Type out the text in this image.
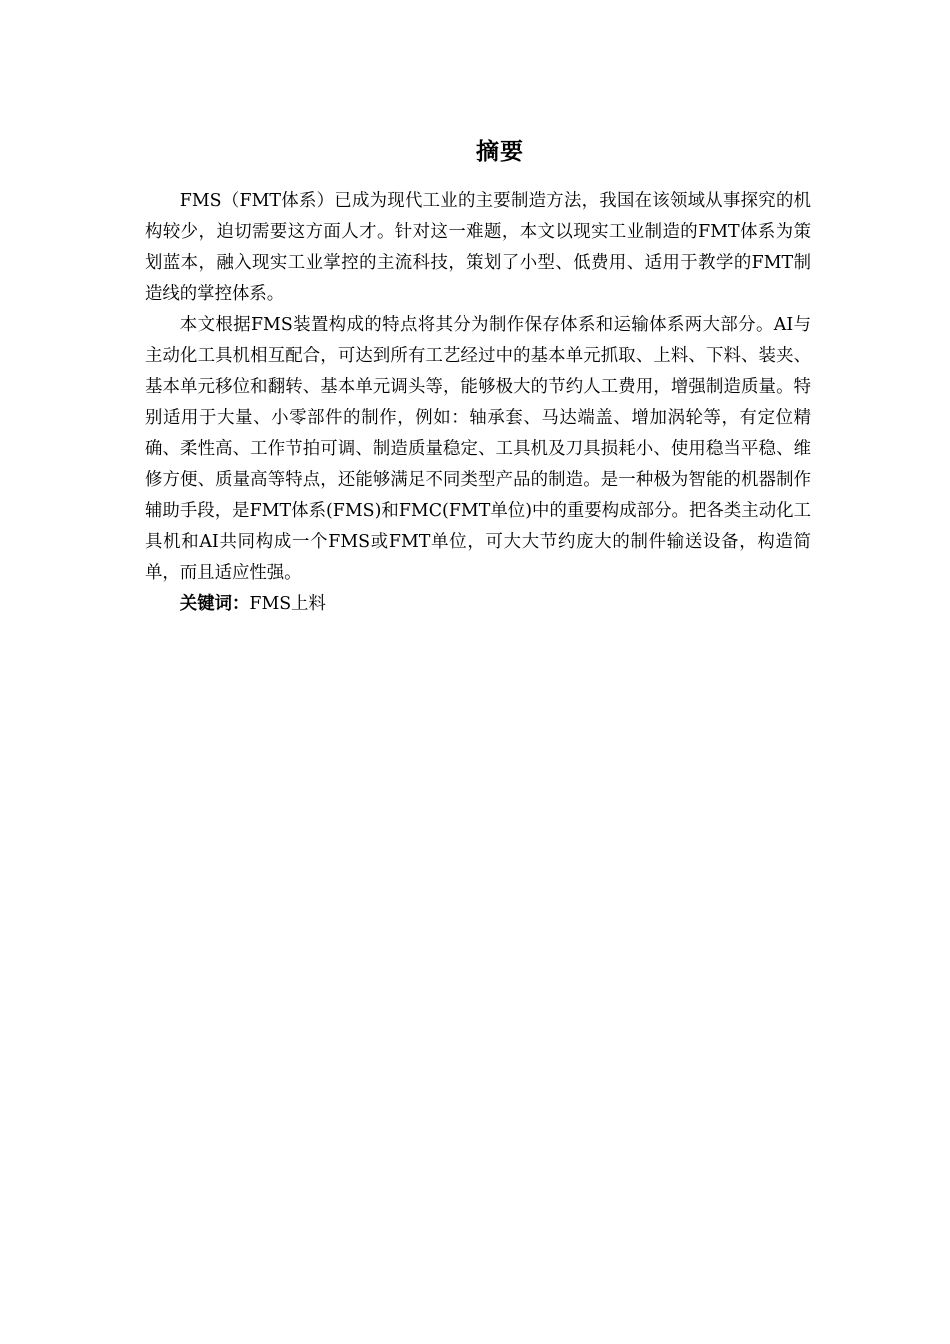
摘要

FMS（FMT体系）已成为现代工业的主要制造方法，我国在该领域从事探究的机构较少，迫切需要这方面人才。针对这一难题，本文以现实工业制造的FMT体系为策划蓝本，融入现实工业掌控的主流科技，策划了小型、低费用、适用于教学的FMT制造线的掌控体系。

本文根据FMS装置构成的特点将其分为制作保存体系和运输体系两大部分。AI与主动化工具机相互配合，可达到所有工艺经过中的基本单元抓取、上料、下料、装夹、基本单元移位和翻转、基本单元调头等，能够极大的节约人工费用，增强制造质量。特别适用于大量、小零部件的制作，例如：轴承套、马达端盖、增加涡轮等，有定位精确、柔性高、工作节拍可调、制造质量稳定、工具机及刀具损耗小、使用稳当平稳、维修方便、质量高等特点，还能够满足不同类型产品的制造。是一种极为智能的机器制作辅助手段，是FMT体系(FMS)和FMC(FMT单位)中的重要构成部分。把各类主动化工具机和AI共同构成一个FMS或FMT单位，可大大节约庞大的制件输送设备，构造简单，而且适应性强。

关键词：FMS上料
